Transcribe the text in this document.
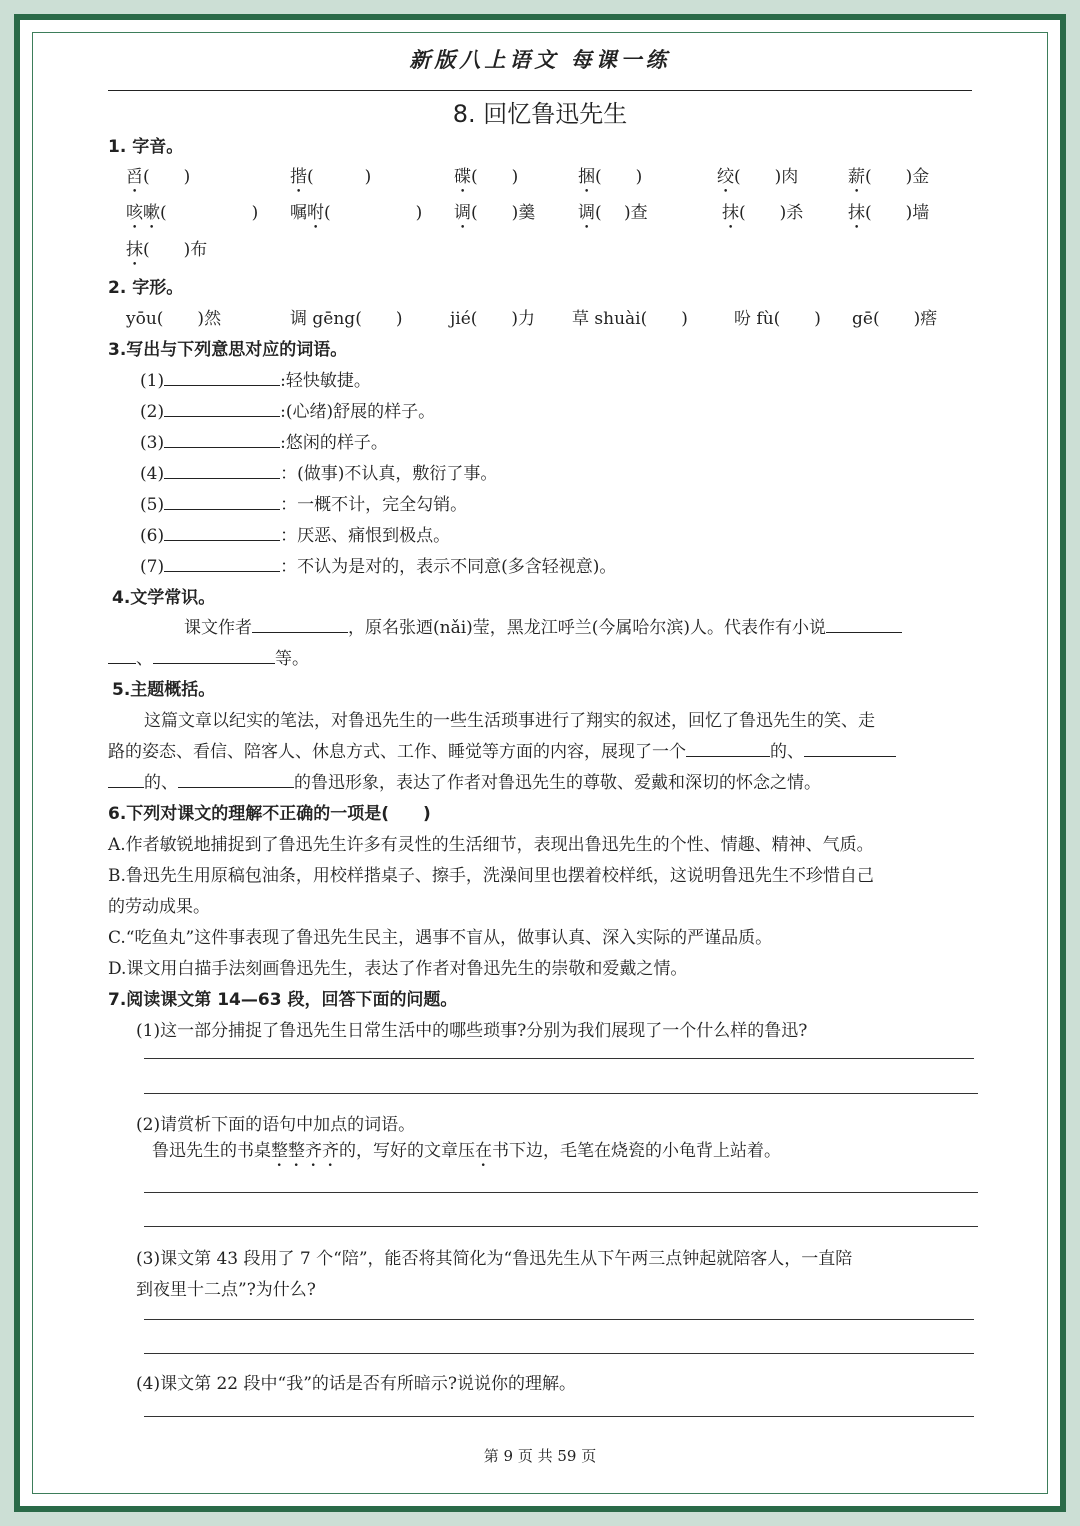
新版八上语文 每课一练
8. 回忆鲁迅先生
1. 字音。
舀(　　)	揩(　　　)	碟(　　)	捆(　　)	绞(　　)肉	薪(　　)金
咳嗽(　　　　　) 嘱咐(　　　　　) 调(　　)羹	调(　 )查	抹(　　)杀	抹(　　)墙
抹(　　)布
2. 字形。
yōu(　　)然	调 gēng(　　)	jié(　　)力 草 shuài(　　)	吩 fù(　　) gē(　　)瘩
3.写出与下列意思对应的词语。
(1)	:轻快敏捷。
(2)	:(心绪)舒展的样子。
(3)	:悠闲的样子。
(4)	：(做事)不认真，敷衍了事。
(5)	：一概不计，完全勾销。
(6)	：厌恶、痛恨到极点。
(7)	：不认为是对的，表示不同意(多含轻视意)。
4.文学常识。
课文作者	，原名张迺(nǎi)莹，黑龙江呼兰(今属哈尔滨)人。代表作有小说
、	等。
5.主题概括。
这篇文章以纪实的笔法，对鲁迅先生的一些生活琐事进行了翔实的叙述，回忆了鲁迅先生的笑、走
路的姿态、看信、陪客人、休息方式、工作、睡觉等方面的内容，展现了一个	的、
的、	的鲁迅形象，表达了作者对鲁迅先生的尊敬、爱戴和深切的怀念之情。
6.下列对课文的理解不正确的一项是(　　)
A.作者敏锐地捕捉到了鲁迅先生许多有灵性的生活细节，表现出鲁迅先生的个性、情趣、精神、气质。
B.鲁迅先生用原稿包油条，用校样揩桌子、擦手，洗澡间里也摆着校样纸，这说明鲁迅先生不珍惜自己
的劳动成果。
C.“吃鱼丸”这件事表现了鲁迅先生民主，遇事不盲从，做事认真、深入实际的严谨品质。
D.课文用白描手法刻画鲁迅先生，表达了作者对鲁迅先生的崇敬和爱戴之情。
7.阅读课文第 14—63 段，回答下面的问题。
(1)这一部分捕捉了鲁迅先生日常生活中的哪些琐事?分别为我们展现了一个什么样的鲁迅?
(2)请赏析下面的语句中加点的词语。
鲁迅先生的书桌整整齐齐的，写好的文章压在书下边，毛笔在烧瓷的小龟背上站着。
(3)课文第 43 段用了 7 个“陪”，能否将其简化为“鲁迅先生从下午两三点钟起就陪客人，一直陪
到夜里十二点”?为什么?
(4)课文第 22 段中“我”的话是否有所暗示?说说你的理解。
第 9 页 共 59 页
